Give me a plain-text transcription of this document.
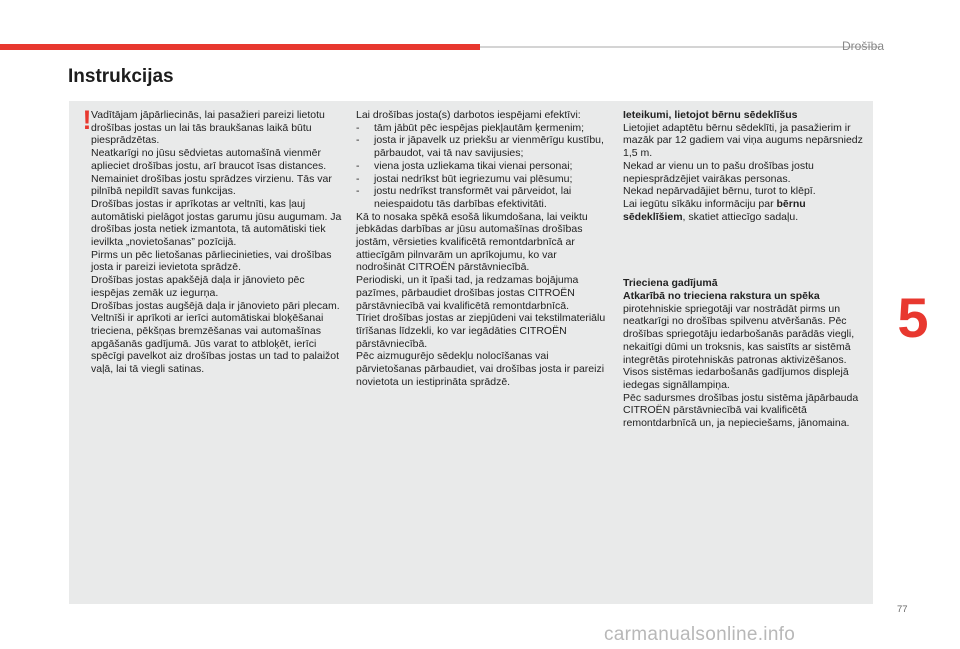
Drošība
Instrukcijas
! Vadītājam jāpārliecinās, lai pasažieri pareizi lietotu drošības jostas un lai tās braukšanas laikā būtu piesprādzētas.

Neatkarīgi no jūsu sēdvietas automašīnā vienmēr aplieciet drošības jostu, arī braucot īsas distances.

Nemainiet drošības jostu sprādzes virzienu. Tās var pilnībā nepildīt savas funkcijas.

Drošības jostas ir aprīkotas ar veltnīti, kas ļauj automātiski pielāgot jostas garumu jūsu augumam. Ja drošības josta netiek izmantota, tā automātiski tiek ievilkta „novietošanas” pozīcijā.

Pirms un pēc lietošanas pārliecinieties, vai drošības josta ir pareizi ievietota sprādzē.

Drošības jostas apakšējā daļa ir jānovieto pēc iespējas zemāk uz iegurņa.

Drošības jostas augšējā daļa ir jānovieto pāri plecam.

Veltnīši ir aprīkoti ar ierīci automātiskai bloķēšanai trieciena, pēkšņas bremzēšanas vai automašīnas apgāšanās gadījumā. Jūs varat to atbloķēt, ierīci spēcīgi pavelkot aiz drošības jostas un tad to palaižot vaļā, lai tā viegli satinas.

Lai drošības josta(s) darbotos iespējami efektīvi:

-	tām jābūt pēc iespējas piekļautām ķermenim;
-	josta ir jāpavelk uz priekšu ar vienmērīgu kustību, pārbaudot, vai tā nav savijusies;
-	viena josta uzliekama tikai vienai personai;
-	jostai nedrīkst būt iegriezumu vai plēsumu;
-	jostu nedrīkst transformēt vai pārveidot, lai neiespaidotu tās darbības efektivitāti.

Kā to nosaka spēkā esošā likumdošana, lai veiktu jebkādas darbības ar jūsu automašīnas drošības jostām, vērsieties kvalificētā remontdarbnīcā ar attiecīgām pilnvarām un aprīkojumu, ko var nodrošināt CITROËN pārstāvniecībā.

Periodiski, un it īpaši tad, ja redzamas bojājuma pazīmes, pārbaudiet drošības jostas CITROËN pārstāvniecībā vai kvalificētā remontdarbnīcā.

Tīriet drošības jostas ar ziepjūdeni vai tekstilmateriālu tīrīšanas līdzekli, ko var iegādāties CITROËN pārstāvniecībā.

Pēc aizmugurējo sēdekļu nolocīšanas vai pārvietošanas pārbaudiet, vai drošības josta ir pareizi novietota un iestiprināta sprādzē.

Ieteikumi, lietojot bērnu sēdeklīšus

Lietojiet adaptētu bērnu sēdeklīti, ja pasažierim ir mazāk par 12 gadiem vai viņa augums nepārsniedz 1,5 m.

Nekad ar vienu un to pašu drošības jostu nepiesprādzējiet vairākas personas.

Nekad nepārvadājiet bērnu, turot to klēpī.

Lai iegūtu sīkāku informāciju par bērnu sēdeklīšiem, skatiet attiecīgo sadaļu.

Trieciena gadījumā

Atkarībā no trieciena rakstura un spēka

pirotehniskie spriegotāji var nostrādāt pirms un neatkarīgi no drošības spilvenu atvēršanās. Pēc drošības spriegotāju iedarbošanās parādās viegli, nekaitīgi dūmi un troksnis, kas saistīts ar sistēmā integrētās pirotehniskās patronas aktivizēšanos.

Visos sistēmas iedarbošanās gadījumos displejā iedegas signāllampiņa.

Pēc sadursmes drošības jostu sistēma jāpārbauda CITROËN pārstāvniecībā vai kvalificētā remontdarbnīcā un, ja nepieciešams, jānomaina.

5
77
carmanualsonline.info
